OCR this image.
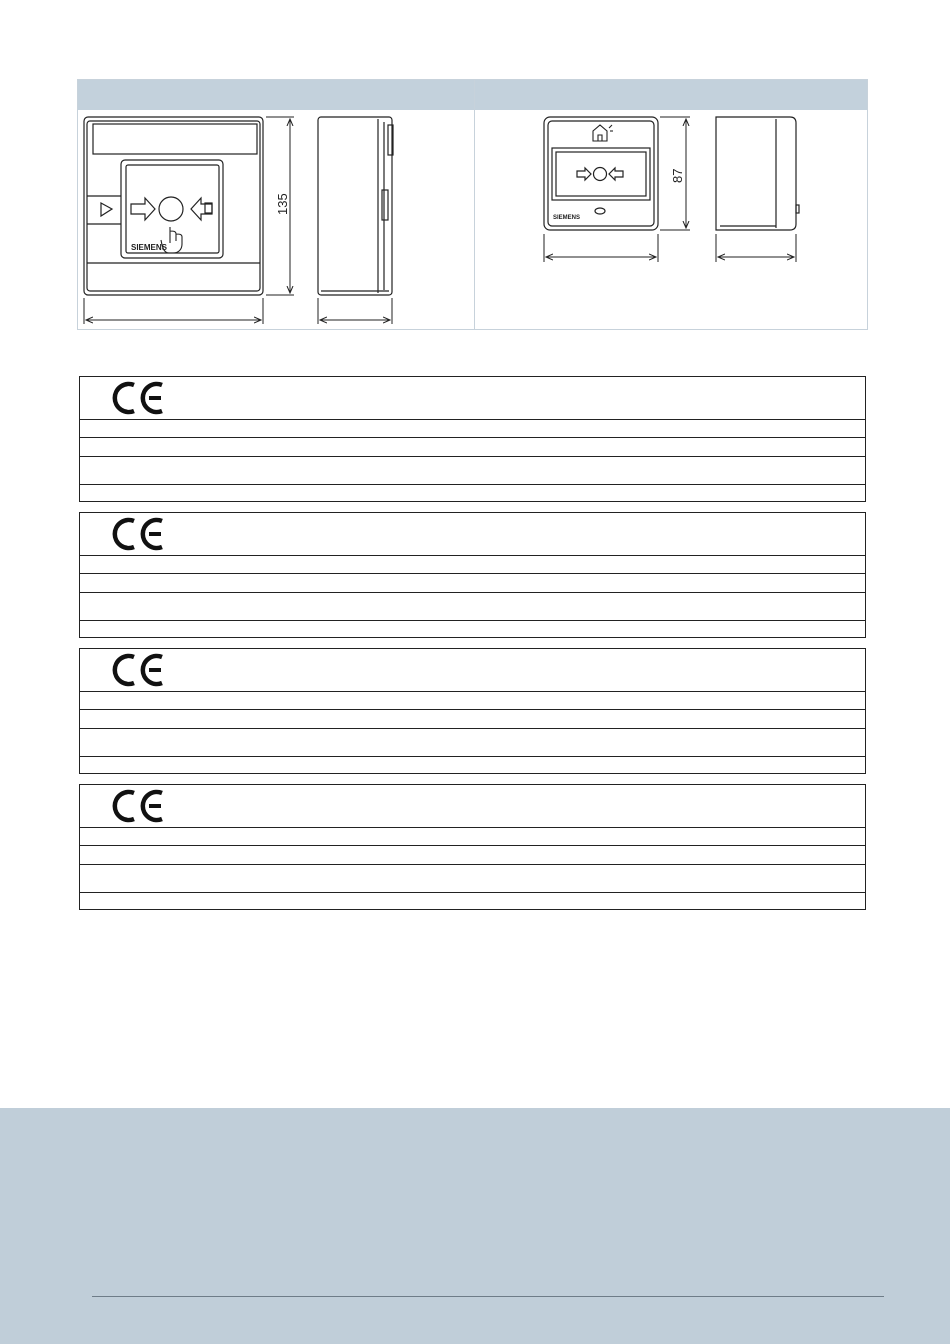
SIEMENS
135
SIEMENS
87
